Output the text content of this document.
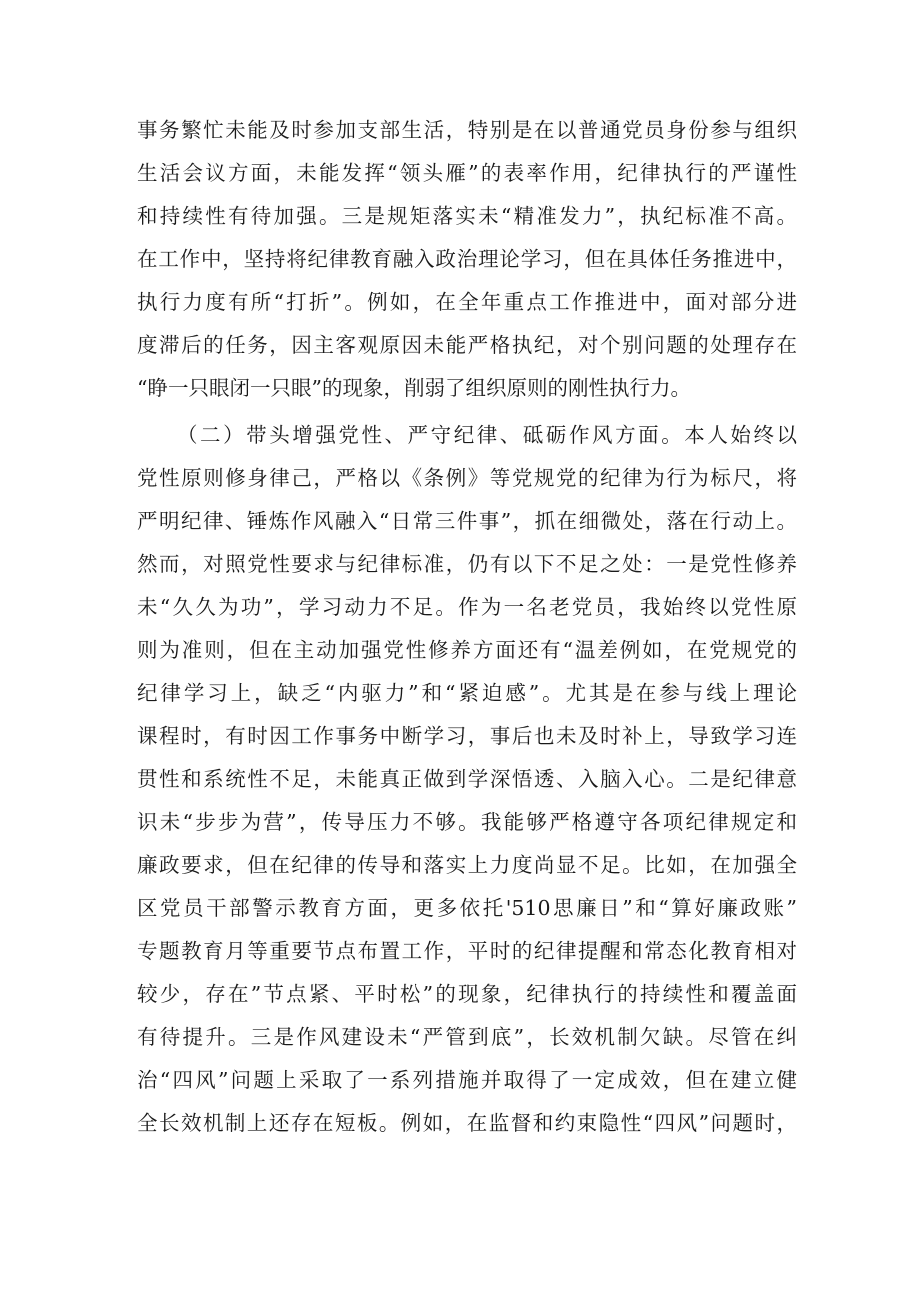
事务繁忙未能及时参加支部生活，特别是在以普通党员身份参与组织
生活会议方面，未能发挥“领头雁”的表率作用，纪律执行的严谨性
和持续性有待加强。三是规矩落实未“精准发力”，执纪标准不高。
在工作中，坚持将纪律教育融入政治理论学习，但在具体任务推进中，
执行力度有所“打折”。例如，在全年重点工作推进中，面对部分进
度滞后的任务，因主客观原因未能严格执纪，对个别问题的处理存在
“睁一只眼闭一只眼”的现象，削弱了组织原则的刚性执行力。
（二）带头增强党性、严守纪律、砥砺作风方面。本人始终以
党性原则修身律己，严格以《条例》等党规党的纪律为行为标尺，将
严明纪律、锤炼作风融入“日常三件事”，抓在细微处，落在行动上。
然而，对照党性要求与纪律标准，仍有以下不足之处：一是党性修养
未“久久为功”，学习动力不足。作为一名老党员，我始终以党性原
则为准则，但在主动加强党性修养方面还有“温差例如，在党规党的
纪律学习上，缺乏“内驱力”和“紧迫感”。尤其是在参与线上理论
课程时，有时因工作事务中断学习，事后也未及时补上，导致学习连
贯性和系统性不足，未能真正做到学深悟透、入脑入心。二是纪律意
识未“步步为营”，传导压力不够。我能够严格遵守各项纪律规定和
廉政要求，但在纪律的传导和落实上力度尚显不足。比如，在加强全
区党员干部警示教育方面，更多依托'510思廉日”和“算好廉政账”
专题教育月等重要节点布置工作，平时的纪律提醒和常态化教育相对
较少，存在”节点紧、平时松”的现象，纪律执行的持续性和覆盖面
有待提升。三是作风建设未“严管到底”，长效机制欠缺。尽管在纠
治“四风”问题上采取了一系列措施并取得了一定成效，但在建立健
全长效机制上还存在短板。例如，在监督和约束隐性“四风”问题时，
